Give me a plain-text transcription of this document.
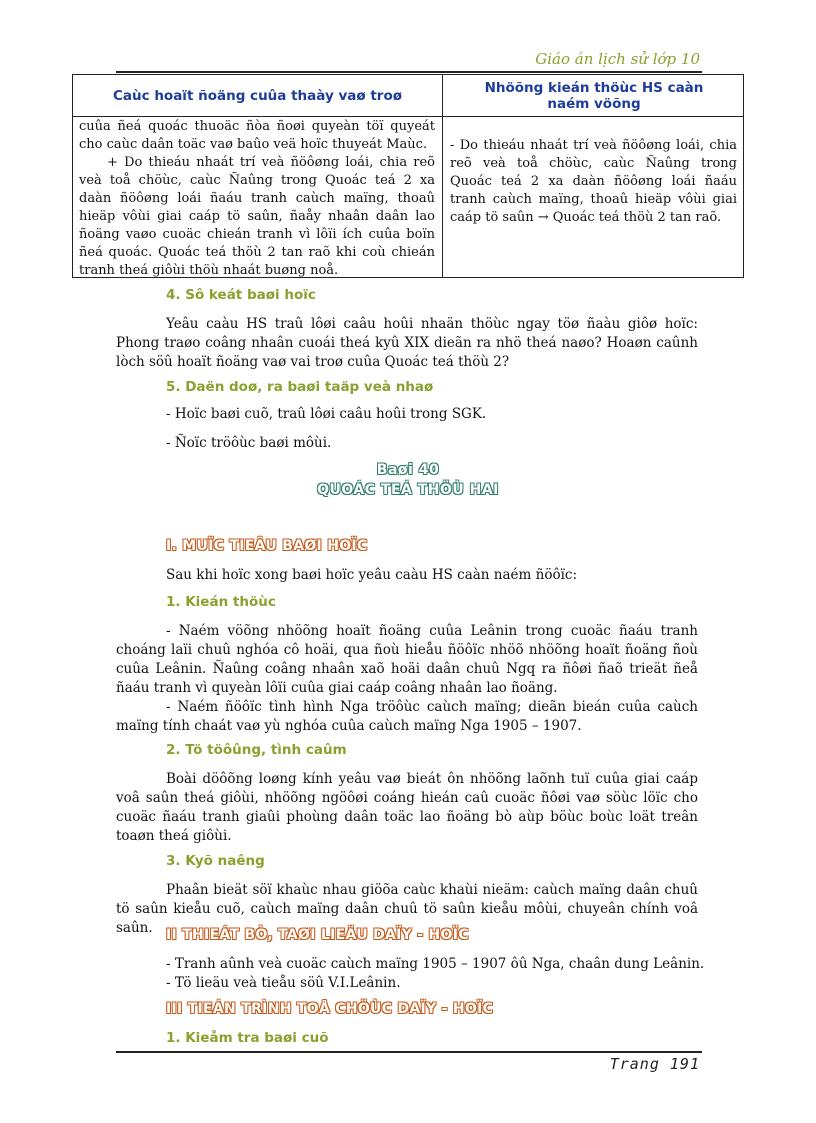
Giáo án lịch sử lớp 10
Caùc hoaït ñoäng cuûa thaày vaø troø	Nhöõng kieán thöùc HS caàn naém vöõng

cuûa ñeá quoác thuoäc ñòa ñoøi quyeàn töï quyeát cho caùc daân toäc vaø baûo veä hoïc thuyeát Maùc.

+ Do thieáu nhaát trí veà ñöôøng loái, chia reõ veà toå chöùc, caùc Ñaûng trong Quoác teá 2 xa daàn ñöôøng loái ñaáu tranh caùch maïng, thoaû hieäp vôùi giai caáp tö saûn, ñaåy nhaân daân lao ñoäng vaøo cuoäc chieán tranh vì lôïi ích cuûa boïn ñeá quoác. Quoác teá thöù 2 tan raõ khi coù chieán tranh theá giôùi thöù nhaát buøng noå.

- Do thieáu nhaát trí veà ñöôøng loái, chia reõ veà toå chöùc, caùc Ñaûng trong Quoác teá 2 xa daàn ñöôøng loái ñaáu tranh caùch maïng, thoaû hieäp vôùi giai caáp tö saûn → Quoác teá thöù 2 tan raõ.

4. Sô keát baøi hoïc

Yeâu caàu HS traû lôøi caâu hoûi nhaän thöùc ngay töø ñaàu giôø hoïc: Phong traøo coâng nhaân cuoái theá kyû XIX dieãn ra nhö theá naøo? Hoaøn caûnh lòch söû hoaït ñoäng vaø vai troø cuûa Quoác teá thöù 2?

5. Daën doø, ra baøi taäp veà nhaø
- Hoïc baøi cuõ, traû lôøi caâu hoûi trong SGK.
- Ñoïc tröôùc baøi môùi.
Baøi 40
QUOÁC TEÁ THÖÙ HAI
I. MUÏC TIEÂU BAØI HOÏC
Sau khi hoïc xong baøi hoïc yeâu caàu HS caàn naém ñöôïc:
1. Kieán thöùc

- Naém vöõng nhöõng hoaït ñoäng cuûa Leânin trong cuoäc ñaáu tranh choáng laïi chuû nghóa cô hoäi, qua ñoù hieåu ñöôïc nhöõ nhöõng hoaït ñoäng ñoù cuûa Leânin. Ñaûng coâng nhaân xaõ hoäi daân chuû Ngq ra ñôøi ñaõ trieät ñeå ñaáu tranh vì quyeàn lôïi cuûa giai caáp coâng nhaân lao ñoäng.

- Naém ñöôïc tình hình Nga tröôùc caùch maïng; dieãn bieán cuûa caùch maïng tính chaát vaø yù nghóa cuûa caùch maïng Nga 1905 – 1907.

2. Tö töôûng, tình caûm

Boài döôõng loøng kính yeâu vaø bieát ôn nhöõng laõnh tuï cuûa giai caáp voâ saûn theá giôùi, nhöõng ngöôøi coáng hieán caû cuoäc ñôøi vaø söùc löïc cho cuoäc ñaáu tranh giaûi phoùng daân toäc lao ñoäng bò aùp böùc boùc loät treân toaøn theá giôùi.

3. Kyõ naêng

Phaân bieät söï khaùc nhau giöõa caùc khaùi nieäm: caùch maïng daân chuû tö saûn kieåu cuõ, caùch maïng daân chuû tö saûn kieåu môùi, chuyeân chính voâ saûn. II THIEÁT BÒ, TAØI LIEÄU DAÏY - HOÏC
- Tranh aûnh veà cuoäc caùch maïng 1905 – 1907 ôû Nga, chaân dung Leânin.
- Tö lieäu veà tieåu söû V.I.Leânin.
III TIEÁN TRÌNH TOÅ CHÖÙC DAÏY - HOÏC
1. Kieåm tra baøi cuõ
Trang 191
